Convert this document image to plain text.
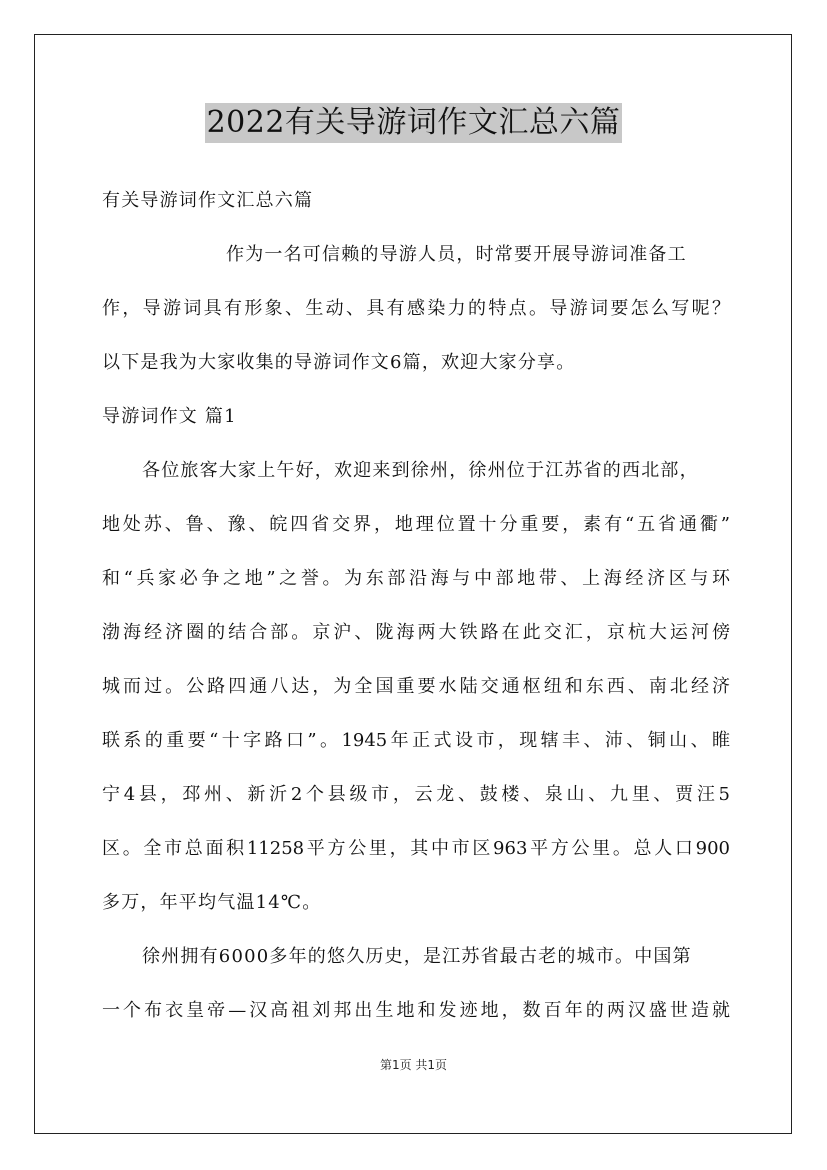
2022有关导游词作文汇总六篇
有关导游词作文汇总六篇
作为一名可信赖的导游人员，时常要开展导游词准备工
作，导游词具有形象、生动、具有感染力的特点。导游词要怎么写呢？
以下是我为大家收集的导游词作文6篇，欢迎大家分享。
导游词作文 篇1
各位旅客大家上午好，欢迎来到徐州，徐州位于江苏省的西北部，
地处苏、鲁、豫、皖四省交界，地理位置十分重要，素有“五省通衢”
和“兵家必争之地”之誉。为东部沿海与中部地带、上海经济区与环
渤海经济圈的结合部。京沪、陇海两大铁路在此交汇，京杭大运河傍
城而过。公路四通八达，为全国重要水陆交通枢纽和东西、南北经济
联系的重要“十字路口”。1945年正式设市，现辖丰、沛、铜山、睢
宁4县，邳州、新沂2个县级市，云龙、鼓楼、泉山、九里、贾汪5
区。全市总面积11258平方公里，其中市区963平方公里。总人口900
多万，年平均气温14℃。
徐州拥有6000多年的悠久历史，是江苏省最古老的城市。中国第
一个布衣皇帝—汉高祖刘邦出生地和发迹地，数百年的两汉盛世造就
第1页 共1页
